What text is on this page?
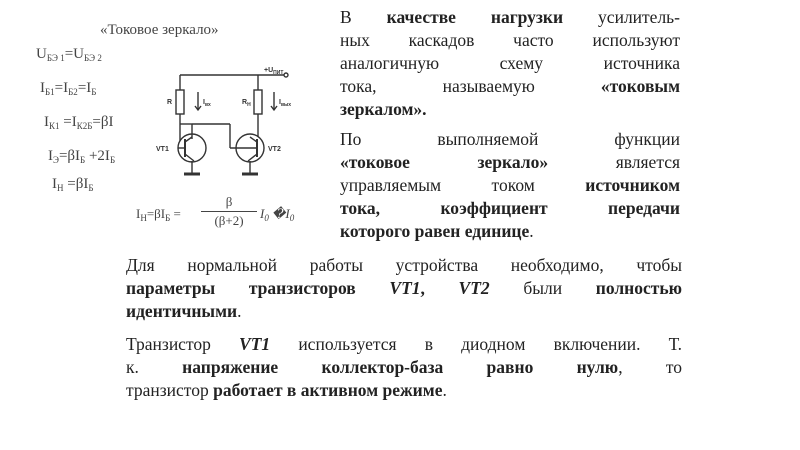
«Токовое зеркало»
$U_{БЭ 1}=U_{БЭ 2}$
$I_{Б1}=I_{Б2}=I_Б$
$I_{К1} =I_{К2Б}=\beta I$
$I_Э=\beta I_Б +2I_Б$
$I_Н =\beta I_Б$
$I_Н=\beta I_Б = \frac{\beta}{(\beta+2)} I_0$ $�I_0$
$+U_{ПИТ}$
R	$R_Н$
$I_{вх}$	$I_{вых}$
VT1	VT2
В качестве нагрузки усилитель-
ных каскадов часто используют
аналогичную схему источника
тока, называемую «токовым
зеркалом».
По выполняемой функции
«токовое зеркало» является
управляемым током источником
тока, коэффициент передачи
которого равен единице.
Для нормальной работы устройства необходимо, чтобы
параметры транзисторов VT1, VT2 были полностью
идентичными.
Транзистор VT1 используется в диодном включении. Т.
к. напряжение коллектор-база равно нулю, то
транзистор работает в активном режиме.
